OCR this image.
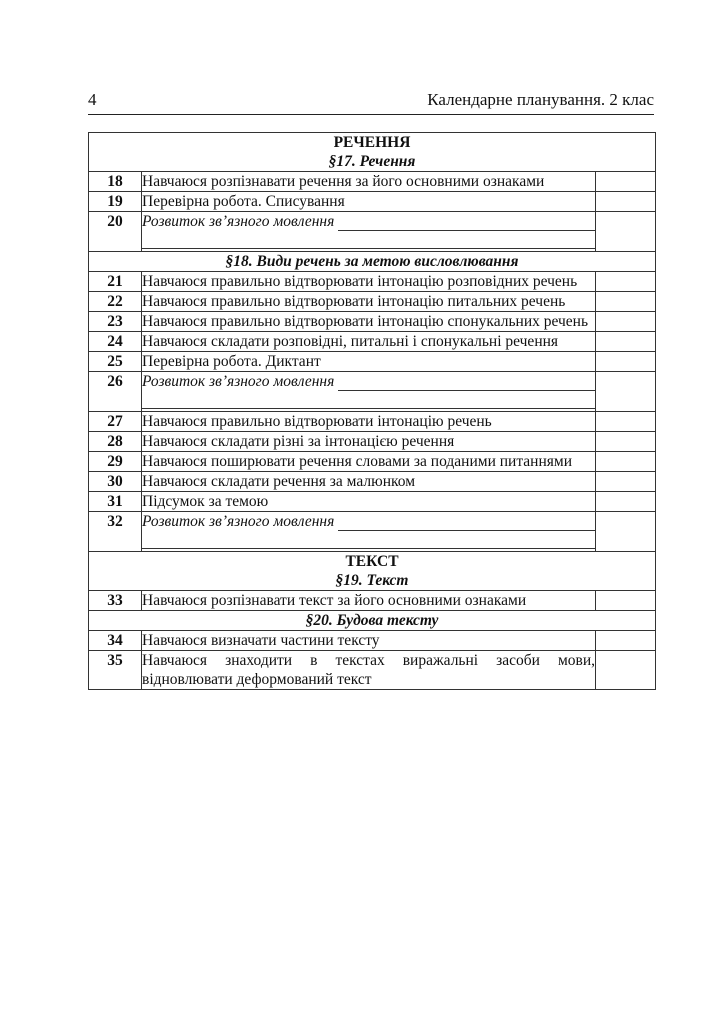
4	Календарне планування. 2 клас
РЕЧЕННЯ
§17. Речення		

18	Навчаюся розпізнавати речення за його основними ознаками	
19	Перевірна робота. Списування	
20	Розвиток зв’язного мовлення	

§18. Види речень за метою висловлювання		

21	Навчаюся правильно відтворювати інтонацію розповідних речень	
22	Навчаюся правильно відтворювати інтонацію питальних речень	
23	Навчаюся правильно відтворювати інтонацію спонукальних речень	
24	Навчаюся складати розповідні, питальні і спонукальні речення	
25	Перевірна робота. Диктант	
26	Розвиток зв’язного мовлення	

27	Навчаюся правильно відтворювати інтонацію речень	
28	Навчаюся складати різні за інтонацією речення	
29	Навчаюся поширювати речення словами за поданими питаннями	
30	Навчаюся складати речення за малюнком	
31	Підсумок за темою	
32	Розвиток зв’язного мовлення	

ТЕКСТ
§19. Текст		

33	Навчаюся розпізнавати текст за його основними ознаками	

§20. Будова тексту		

34	Навчаюся визначати частини тексту	
35	Навчаюся знаходити в текстах виражальні засоби мови, відновлювати деформований текст	
